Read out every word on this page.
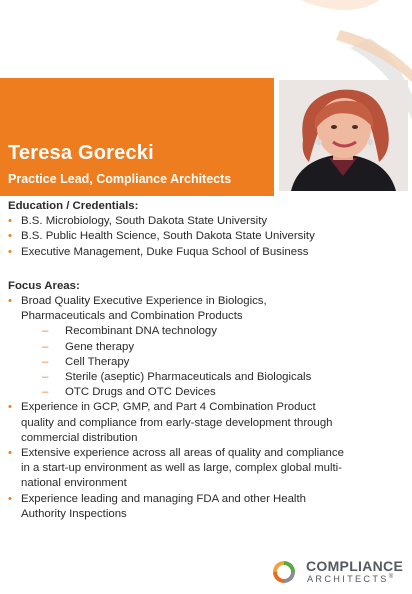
Teresa Gorecki
Practice Lead, Compliance Architects
Education / Credentials:
• B.S. Microbiology, South Dakota State University
• B.S. Public Health Science, South Dakota State University
• Executive Management, Duke Fuqua School of Business
Focus Areas:
• Broad Quality Executive Experience in Biologics,
Pharmaceuticals and Combination Products
– Recombinant DNA technology
– Gene therapy
– Cell Therapy
– Sterile (aseptic) Pharmaceuticals and Biologicals
– OTC Drugs and OTC Devices
• Experience in GCP, GMP, and Part 4 Combination Product
quality and compliance from early-stage development through
commercial distribution
• Extensive experience across all areas of quality and compliance
in a start-up environment as well as large, complex global multi-
national environment
• Experience leading and managing FDA and other Health
Authority Inspections
COMPLIANCE
ARCHITECTS®
